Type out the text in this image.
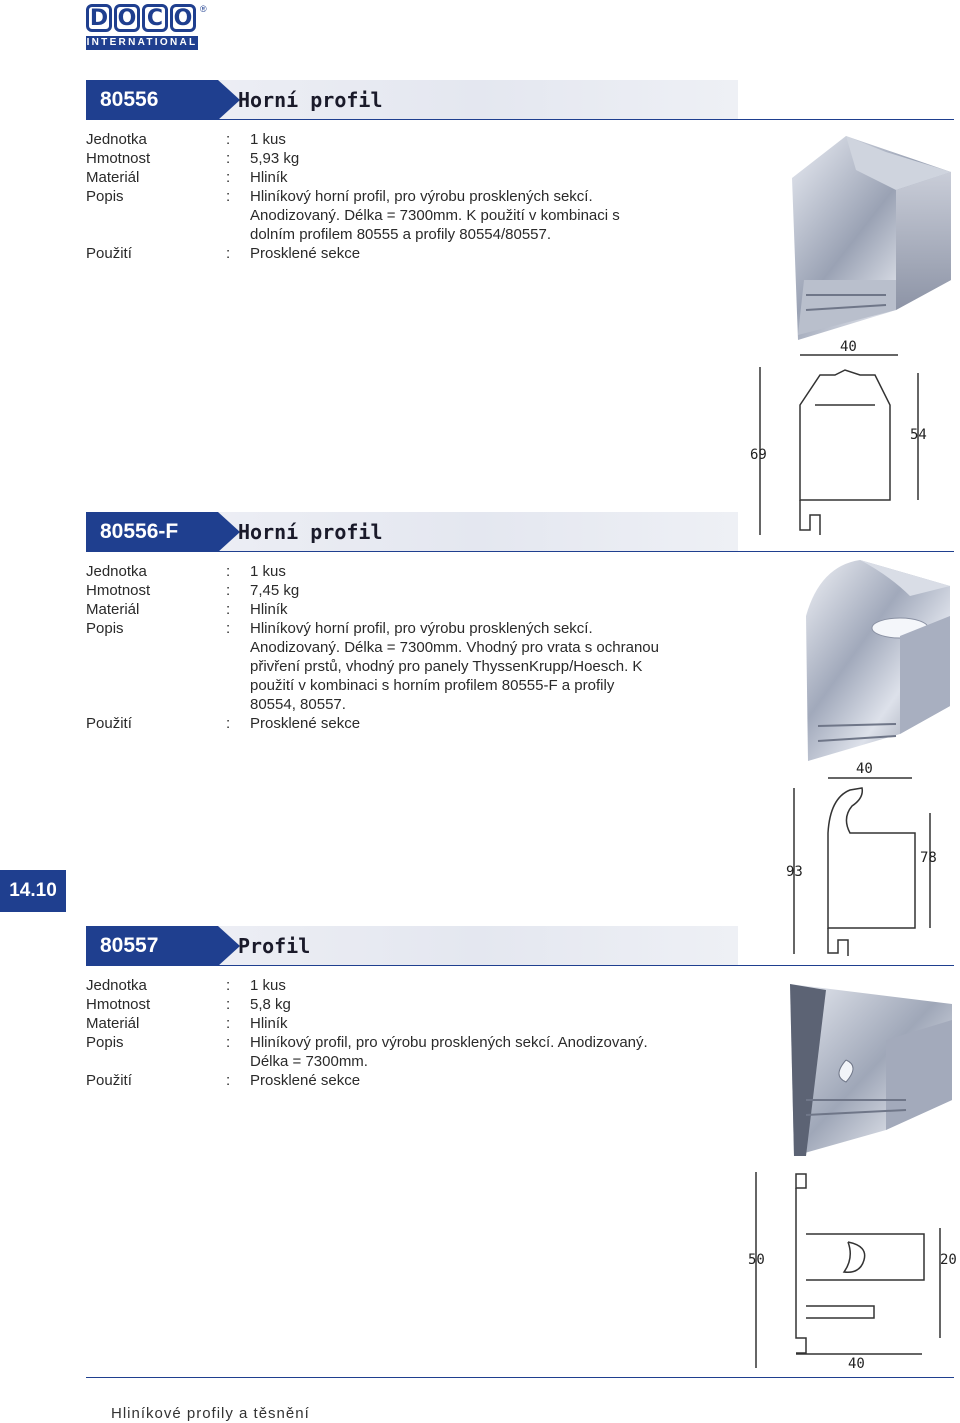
D O C O ®
INTERNATIONAL
80556	Horní profil
Jednotka	:	1 kus
Hmotnost	:	5,93 kg
Materiál	:	Hliník
Popis	:	Hliníkový horní profil, pro výrobu prosklených sekcí.
Anodizovaný. Délka = 7300mm. K použití v kombinaci s
dolním profilem 80555 a profily 80554/80557.
Použití	:	Prosklené sekce
40
69
54
80556-F	Horní profil
Jednotka	:	1 kus
Hmotnost	:	7,45 kg
Materiál	:	Hliník
Popis	:	Hliníkový horní profil, pro výrobu prosklených sekcí.
Anodizovaný. Délka = 7300mm. Vhodný pro vrata s ochranou
přivření prstů, vhodný pro panely ThyssenKrupp/Hoesch. K
použití v kombinaci s horním profilem 80555-F a profily
80554, 80557.
Použití	:	Prosklené sekce
40
93
78
14.10
80557	Profil
Jednotka	:	1 kus
Hmotnost	:	5,8 kg
Materiál	:	Hliník
Popis	:	Hliníkový profil, pro výrobu prosklených sekcí. Anodizovaný.
Délka = 7300mm.
Použití	:	Prosklené sekce
50	20
40
Hliníkové profily a těsnění
